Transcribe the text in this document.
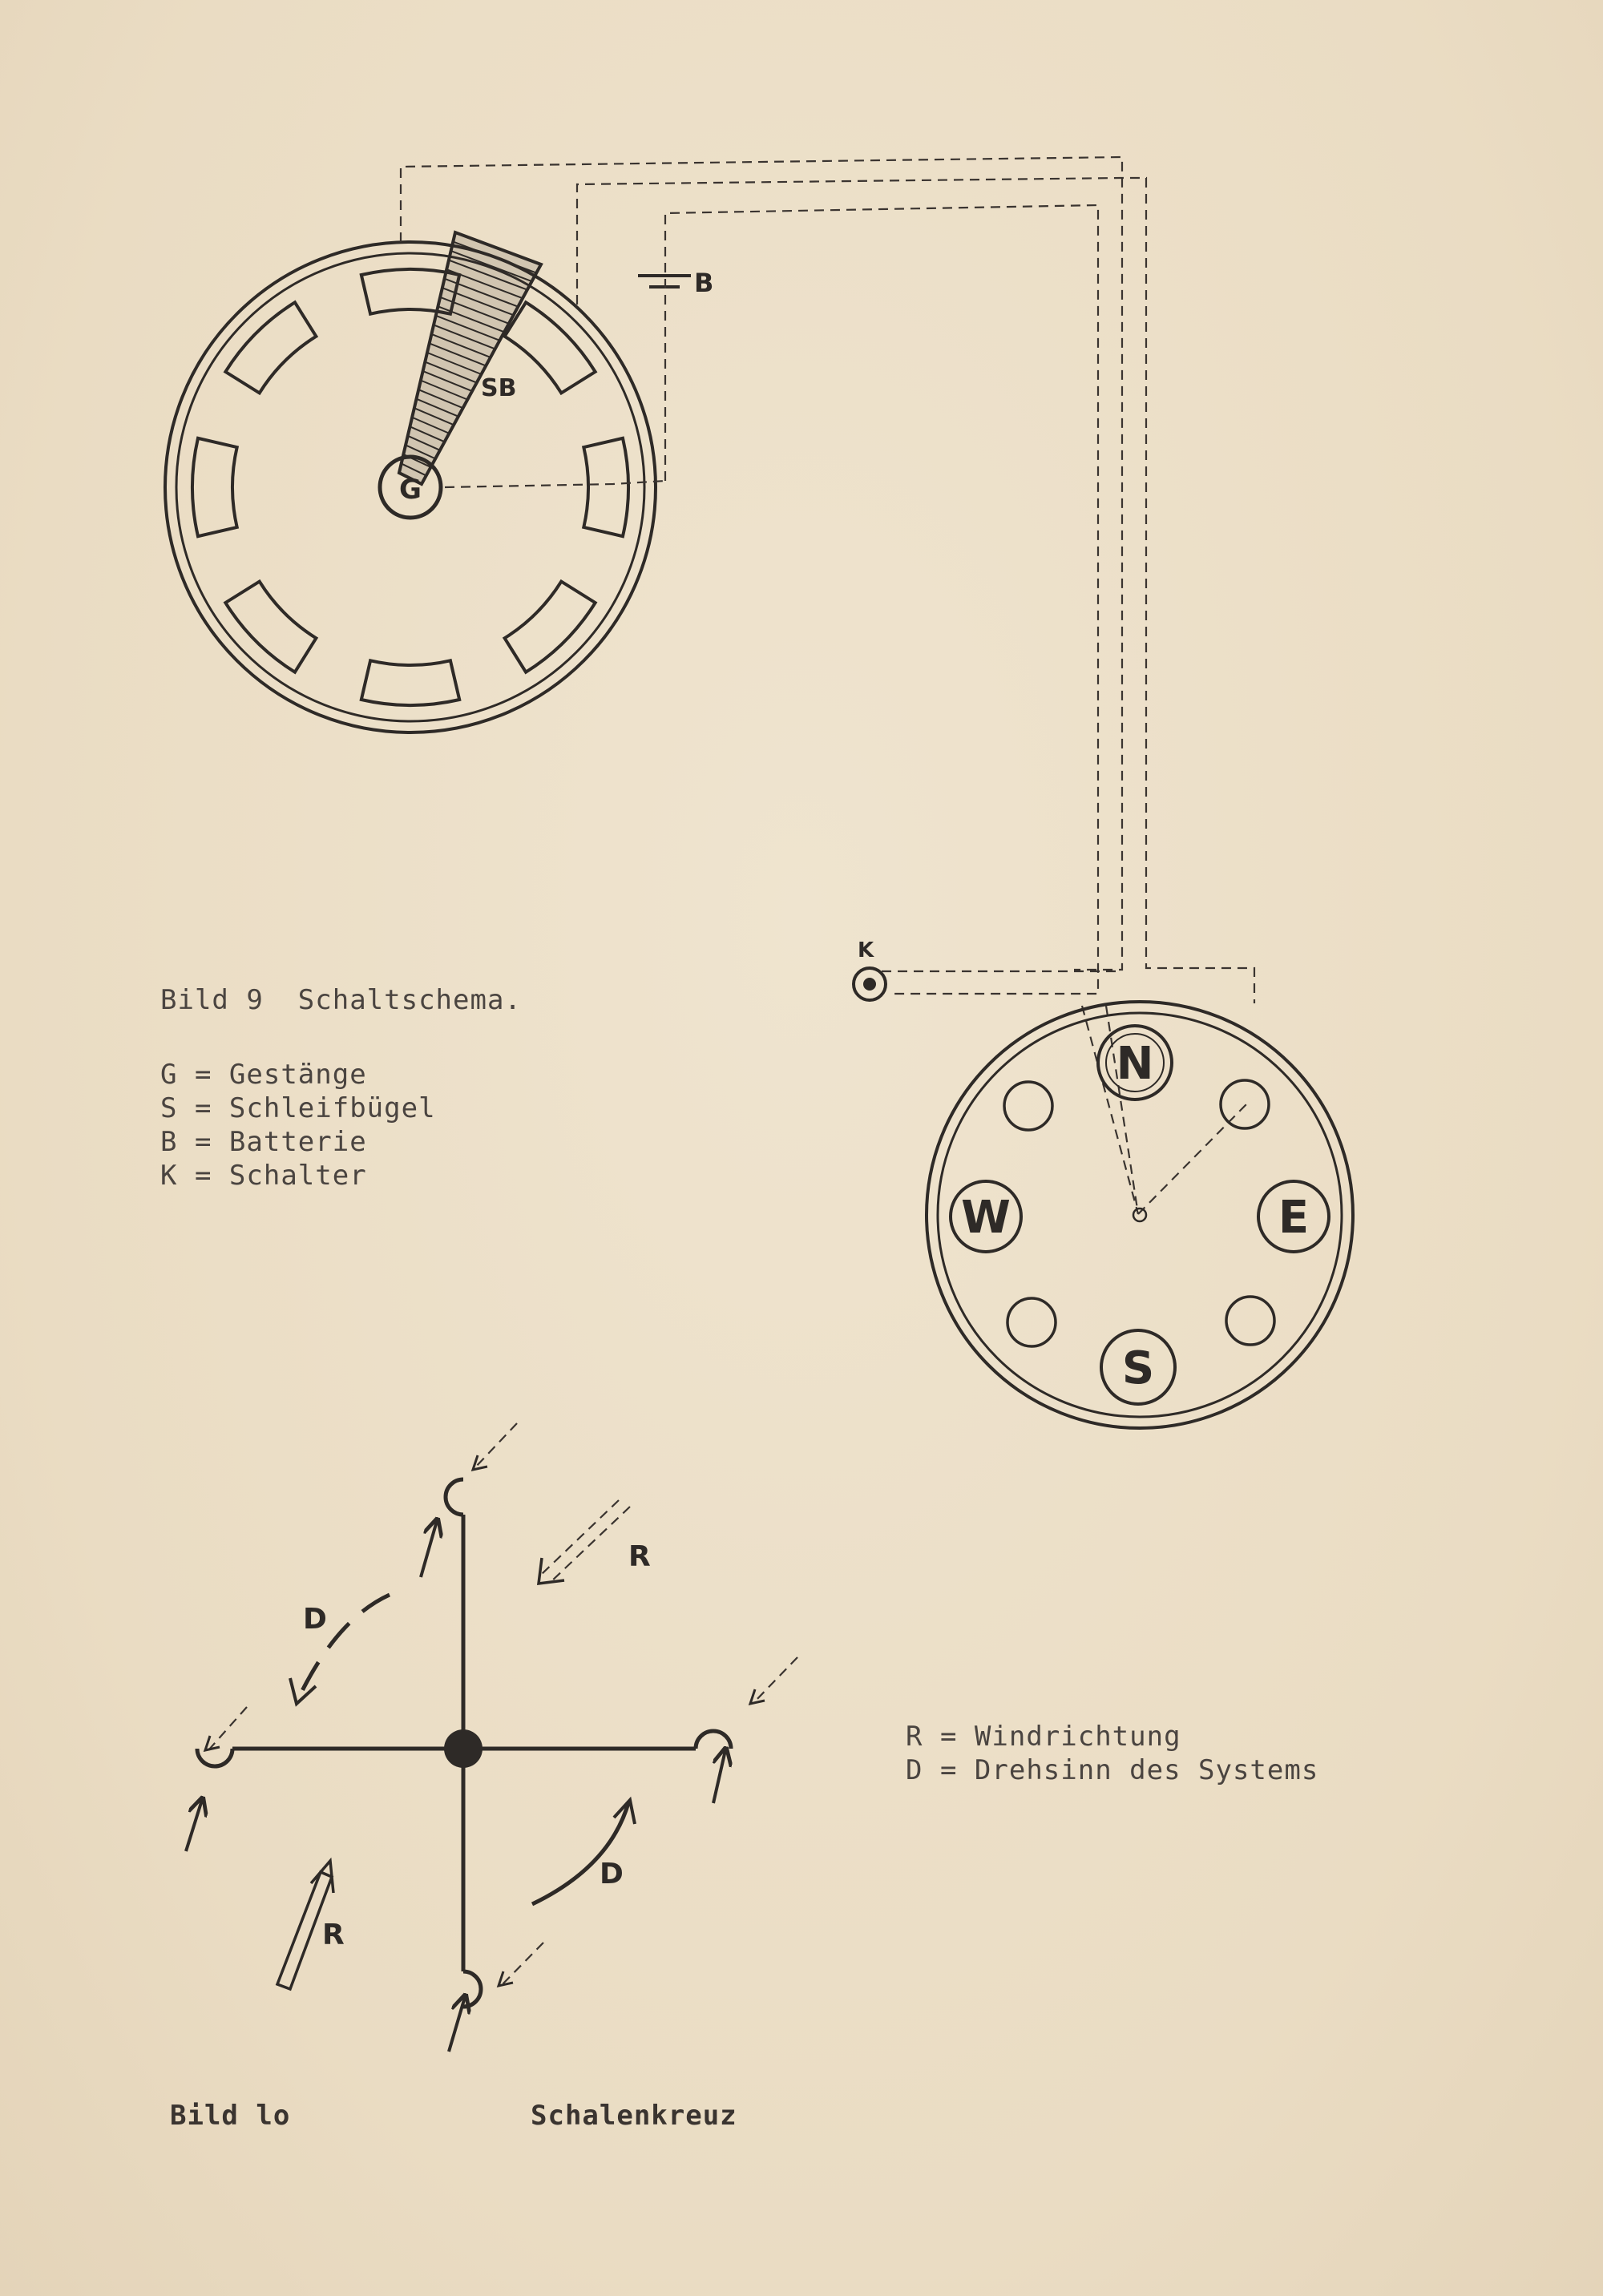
G
SB
B
K
N
E
S
W
R
R
D
D
Bild 9 Schaltschema.
G = Gestänge
S = Schleifbügel
B = Batterie
K = Schalter
R = Windrichtung
D = Drehsinn des Systems
Bild lo	Schalenkreuz
